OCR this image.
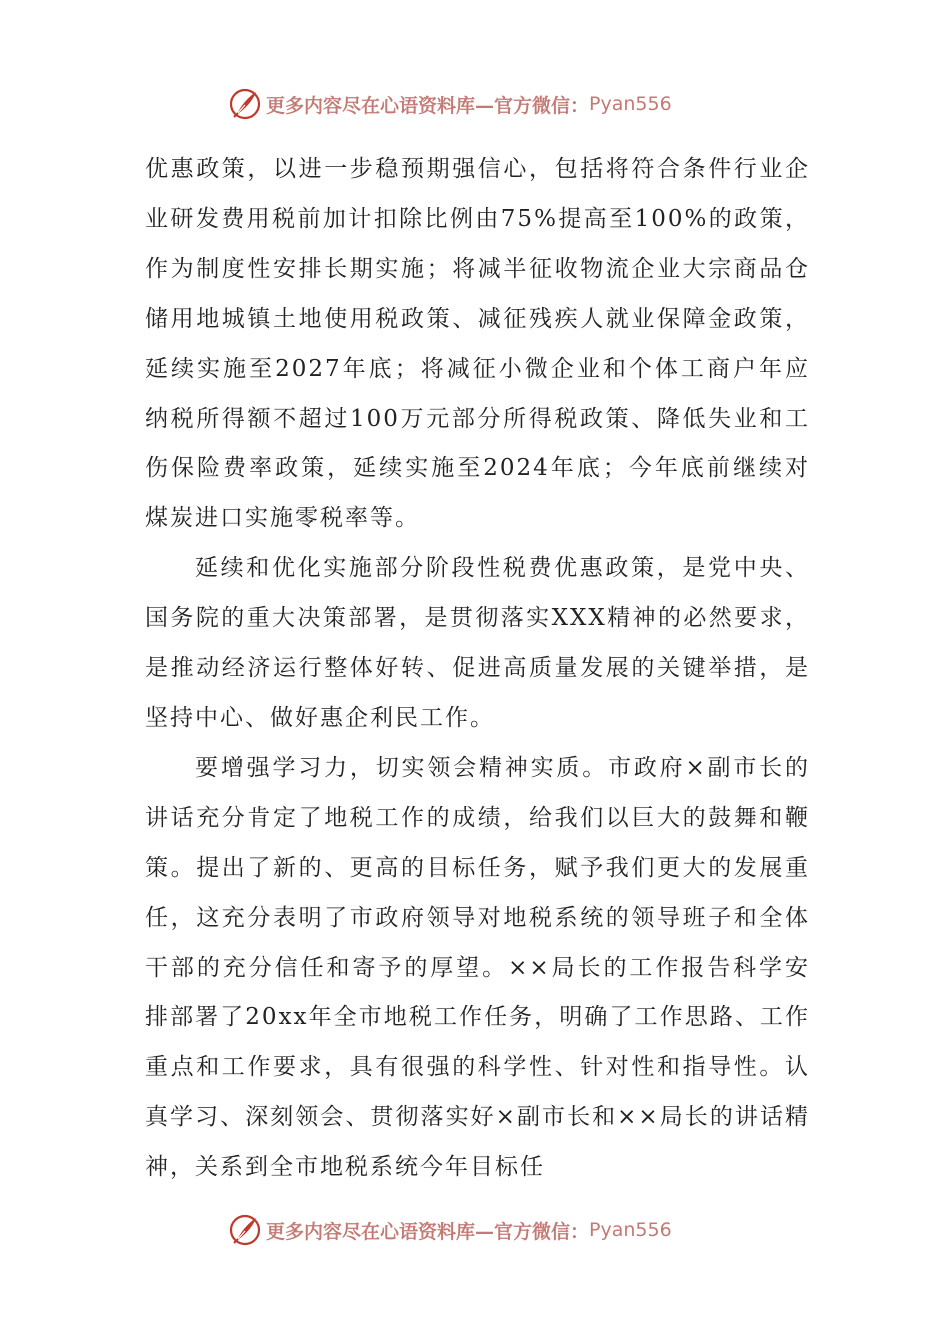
更多内容尽在心语资料库—官方微信： Pyan556

优惠政策，以进一步稳预期强信心，包括将符合条件行业企业研发费用税前加计扣除比例由75%提高至100%的政策，作为制度性安排长期实施；将减半征收物流企业大宗商品仓储用地城镇土地使用税政策、减征残疾人就业保障金政策，延续实施至2027年底；将减征小微企业和个体工商户年应纳税所得额不超过100万元部分所得税政策、降低失业和工伤保险费率政策，延续实施至2024年底；今年底前继续对煤炭进口实施零税率等。

延续和优化实施部分阶段性税费优惠政策，是党中央、国务院的重大决策部署，是贯彻落实XXX精神的必然要求，是推动经济运行整体好转、促进高质量发展的关键举措，是坚持中心、做好惠企利民工作。

要增强学习力，切实领会精神实质。市政府×副市长的讲话充分肯定了地税工作的成绩，给我们以巨大的鼓舞和鞭策。提出了新的、更高的目标任务，赋予我们更大的发展重任，这充分表明了市政府领导对地税系统的领导班子和全体干部的充分信任和寄予的厚望。××局长的工作报告科学安排部署了20xx年全市地税工作任务，明确了工作思路、工作重点和工作要求，具有很强的科学性、针对性和指导性。认真学习、深刻领会、贯彻落实好×副市长和××局长的讲话精神，关系到全市地税系统今年目标任

更多内容尽在心语资料库—官方微信： Pyan556
